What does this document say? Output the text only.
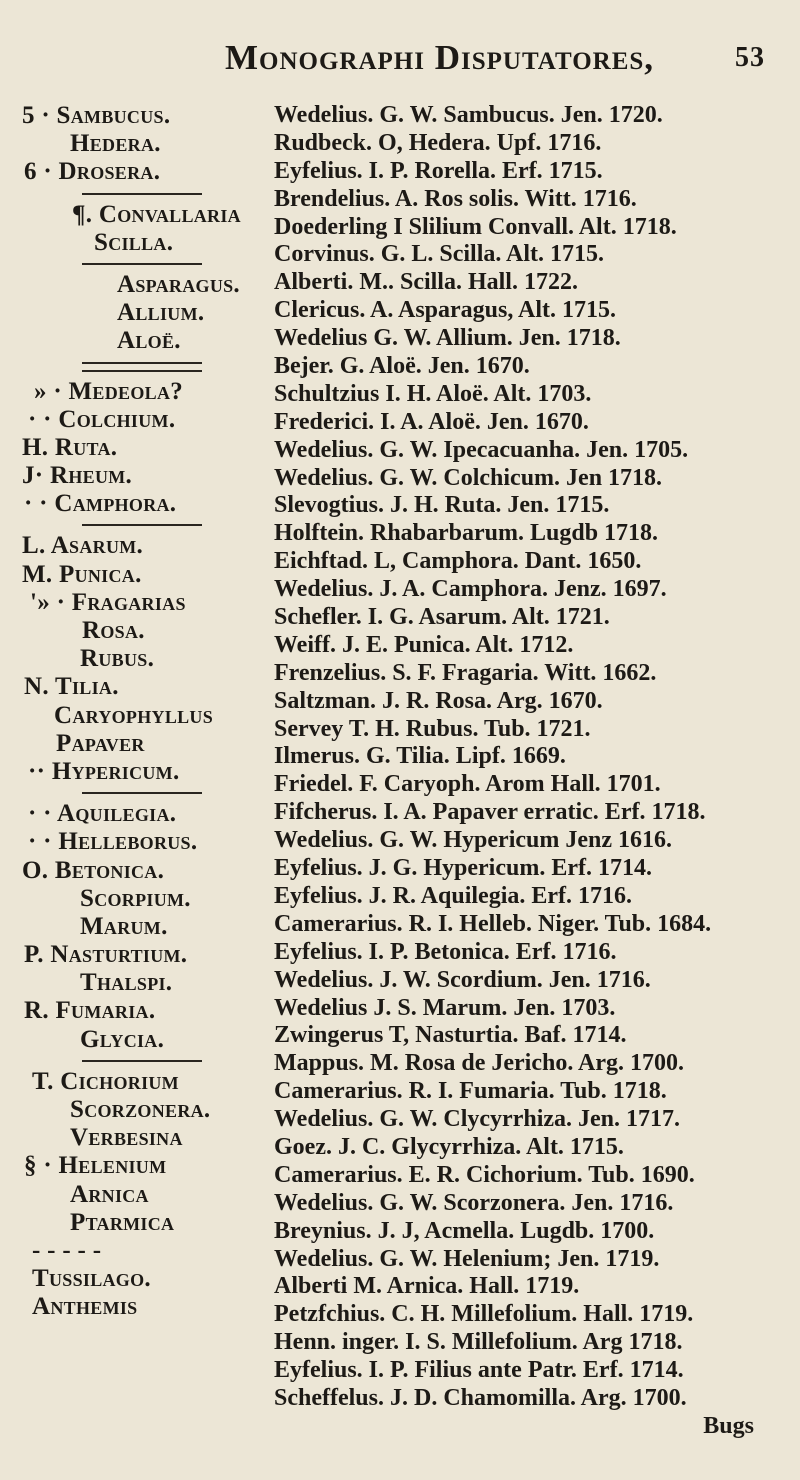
Monographi Disputatores,	53
5 · Sambucus.
Hedera.
6 · Drosera.
¶. Convallaria
Scilla.
Asparagus.
Allium.
Aloë.
» · Medeola?
· · Colchium.
H. Ruta.
J· Rheum.
· · Camphora.
L. Asarum.
M. Punica.
'» · Fragarias
Rosa.
Rubus.
N. Tilia.
Caryophyllus
Papaver
·· Hypericum.
· · Aquilegia.
· · Helleborus.
O. Betonica.
Scorpium.
Marum.
P. Nasturtium.
Thalspi.
R. Fumaria.
Glycia.
T. Cichorium
Scorzonera.
Verbesina
§ · Helenium
Arnica
Ptarmica
- - - - -
Tussilago.
Anthemis
Wedelius. G. W. Sambucus. Jen. 1720.
Rudbeck. O, Hedera. Upf. 1716.
Eyfelius. I. P. Rorella. Erf. 1715.
Brendelius. A. Ros solis. Witt. 1716.
Doederling I Slilium Convall. Alt. 1718.
Corvinus. G. L. Scilla. Alt. 1715.
Alberti. M.. Scilla. Hall. 1722.
Clericus. A. Asparagus, Alt. 1715.
Wedelius G. W. Allium. Jen. 1718.
Bejer. G. Aloë. Jen. 1670.
Schultzius I. H. Aloë. Alt. 1703.
Frederici. I. A. Aloë. Jen. 1670.
Wedelius. G. W. Ipecacuanha. Jen. 1705.
Wedelius. G. W. Colchicum. Jen 1718.
Slevogtius. J. H. Ruta. Jen. 1715.
Holftein. Rhabarbarum. Lugdb 1718.
Eichftad. L, Camphora. Dant. 1650.
Wedelius. J. A. Camphora. Jenz. 1697.
Schefler. I. G. Asarum. Alt. 1721.
Weiff. J. E. Punica. Alt. 1712.
Frenzelius. S. F. Fragaria. Witt. 1662.
Saltzman. J. R. Rosa. Arg. 1670.
Servey T. H. Rubus. Tub. 1721.
Ilmerus. G. Tilia. Lipf. 1669.
Friedel. F. Caryoph. Arom Hall. 1701.
Fifcherus. I. A. Papaver erratic. Erf. 1718.
Wedelius. G. W. Hypericum Jenz 1616.
Eyfelius. J. G. Hypericum. Erf. 1714.
Eyfelius. J. R. Aquilegia. Erf. 1716.
Camerarius. R. I. Helleb. Niger. Tub. 1684.
Eyfelius. I. P. Betonica. Erf. 1716.
Wedelius. J. W. Scordium. Jen. 1716.
Wedelius J. S. Marum. Jen. 1703.
Zwingerus T, Nasturtia. Baf. 1714.
Mappus. M. Rosa de Jericho. Arg. 1700.
Camerarius. R. I. Fumaria. Tub. 1718.
Wedelius. G. W. Clycyrrhiza. Jen. 1717.
Goez. J. C. Glycyrrhiza. Alt. 1715.
Camerarius. E. R. Cichorium. Tub. 1690.
Wedelius. G. W. Scorzonera. Jen. 1716.
Breynius. J. J, Acmella. Lugdb. 1700.
Wedelius. G. W. Helenium; Jen. 1719.
Alberti M. Arnica. Hall. 1719.
Petzfchius. C. H. Millefolium. Hall. 1719.
Henn. inger. I. S. Millefolium. Arg 1718.
Eyfelius. I. P. Filius ante Patr. Erf. 1714.
Scheffelus. J. D. Chamomilla. Arg. 1700.
Bugs
